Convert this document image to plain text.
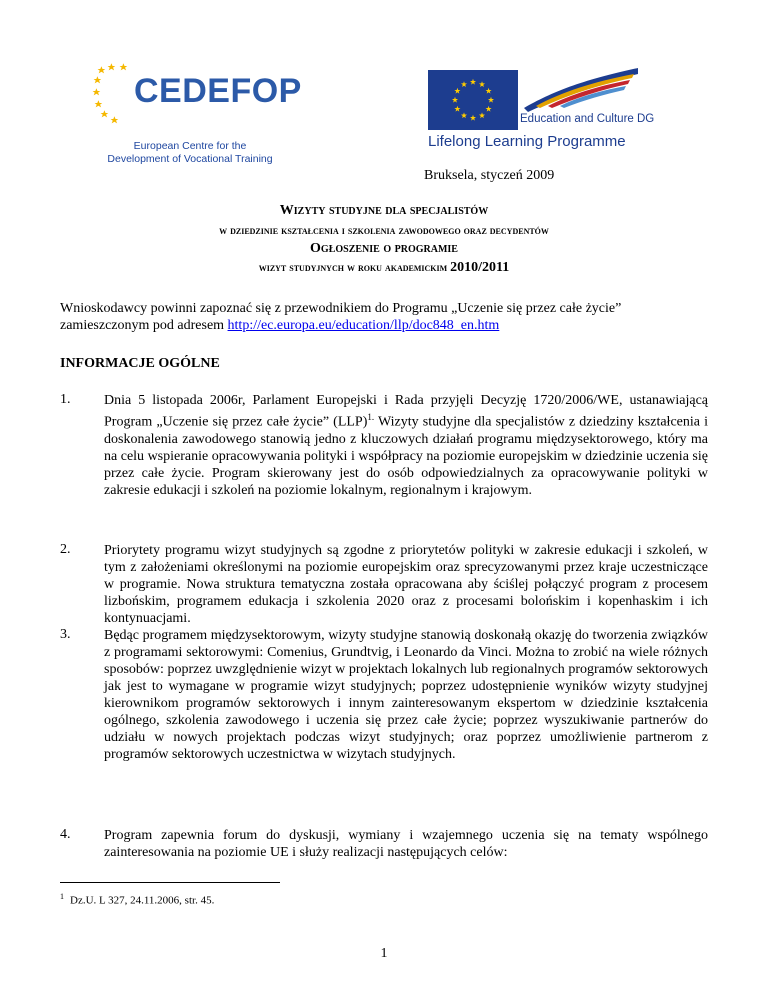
CEDEFOP
European Centre for the
Development of Vocational Training
Education and Culture DG
Lifelong Learning Programme
Bruksela, styczeń 2009
Wizyty studyjne dla specjalistów
w dziedzinie kształcenia i szkolenia zawodowego oraz decydentów
Ogłoszenie o programie
wizyt studyjnych w roku akademickim 2010/2011
Wnioskodawcy powinni zapoznać się z przewodnikiem do Programu „Uczenie się przez całe życie” zamieszczonym pod adresem http://ec.europa.eu/education/llp/doc848_en.htm
INFORMACJE OGÓLNE
1. Dnia 5 listopada 2006r, Parlament Europejski i Rada przyjęli Decyzję 1720/2006/WE, ustanawiającą Program „Uczenie się przez całe życie” (LLP)$^{1.}$ Wizyty studyjne dla specjalistów z dziedziny kształcenia i doskonalenia zawodowego stanowią jedno z kluczowych działań programu międzysektorowego, który ma na celu wspieranie opracowywania polityki i współpracy na poziomie europejskim w dziedzinie uczenia się przez całe życie. Program skierowany jest do osób odpowiedzialnych za opracowywanie polityki w zakresie edukacji i szkoleń na poziomie lokalnym, regionalnym i krajowym.
2. Priorytety programu wizyt studyjnych są zgodne z priorytetów polityki w zakresie edukacji i szkoleń, w tym z założeniami określonymi na poziomie europejskim oraz sprecyzowanymi przez kraje uczestniczące w programie. Nowa struktura tematyczna została opracowana aby ściślej połączyć program z procesem lizbońskim, programem edukacja i szkolenia 2020 oraz z procesami bolońskim i kopenhaskim i ich kontynuacjami.
3. Będąc programem międzysektorowym, wizyty studyjne stanowią doskonałą okazję do tworzenia związków z programami sektorowymi: Comenius, Grundtvig, i Leonardo da Vinci. Można to zrobić na wiele różnych sposobów: poprzez uwzględnienie wizyt w projektach lokalnych lub regionalnych programów sektorowych jak jest to wymagane w programie wizyt studyjnych; poprzez udostępnienie wyników wizyty studyjnej kierownikom programów sektorowych i innym zainteresowanym ekspertom w dziedzinie kształcenia ogólnego, szkolenia zawodowego i uczenia się przez całe życie; poprzez wyszukiwanie partnerów do udziału w nowych projektach podczas wizyt studyjnych; oraz poprzez umożliwienie partnerom z programów sektorowych uczestnictwa w wizytach studyjnych.
4. Program zapewnia forum do dyskusji, wymiany i wzajemnego uczenia się na tematy wspólnego zainteresowania na poziomie UE i służy realizacji następujących celów:
$^1$ Dz.U. L 327, 24.11.2006, str. 45.
1
